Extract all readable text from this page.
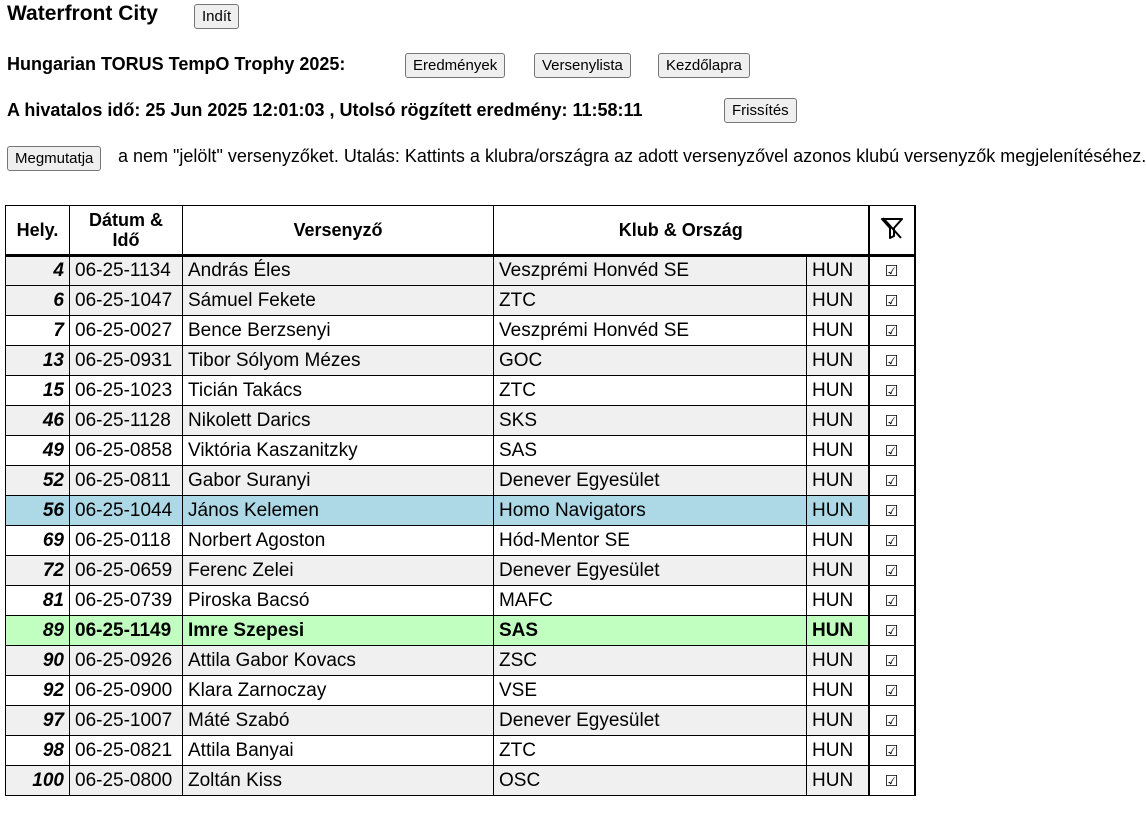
Waterfront City	Indít
Hungarian TORUS TempO Trophy 2025:	Eredmények	Versenylista	Kezdőlapra
A hivatalos idő: 25 Jun 2025 12:01:03 , Utolsó rögzített eredmény: 11:58:11	Frissítés
Megmutatja	a nem "jelölt" versenyzőket. Utalás: Kattints a klubra/országra az adott versenyzővel azonos klubú versenyzők megjelenítéséhez.
Hely.	Dátum & Idő	Versenyző	Klub & Ország	
4	06-25-1134	András Éles	Veszprémi Honvéd SE	HUN	☑
6	06-25-1047	Sámuel Fekete	ZTC	HUN	☑
7	06-25-0027	Bence Berzsenyi	Veszprémi Honvéd SE	HUN	☑
13	06-25-0931	Tibor Sólyom Mézes	GOC	HUN	☑
15	06-25-1023	Ticián Takács	ZTC	HUN	☑
46	06-25-1128	Nikolett Darics	SKS	HUN	☑
49	06-25-0858	Viktória Kaszanitzky	SAS	HUN	☑
52	06-25-0811	Gabor Suranyi	Denever Egyesület	HUN	☑
56	06-25-1044	János Kelemen	Homo Navigators	HUN	☑
69	06-25-0118	Norbert Agoston	Hód-Mentor SE	HUN	☑
72	06-25-0659	Ferenc Zelei	Denever Egyesület	HUN	☑
81	06-25-0739	Piroska Bacsó	MAFC	HUN	☑
89	06-25-1149	Imre Szepesi	SAS	HUN	☑
90	06-25-0926	Attila Gabor Kovacs	ZSC	HUN	☑
92	06-25-0900	Klara Zarnoczay	VSE	HUN	☑
97	06-25-1007	Máté Szabó	Denever Egyesület	HUN	☑
98	06-25-0821	Attila Banyai	ZTC	HUN	☑
100	06-25-0800	Zoltán Kiss	OSC	HUN	☑
